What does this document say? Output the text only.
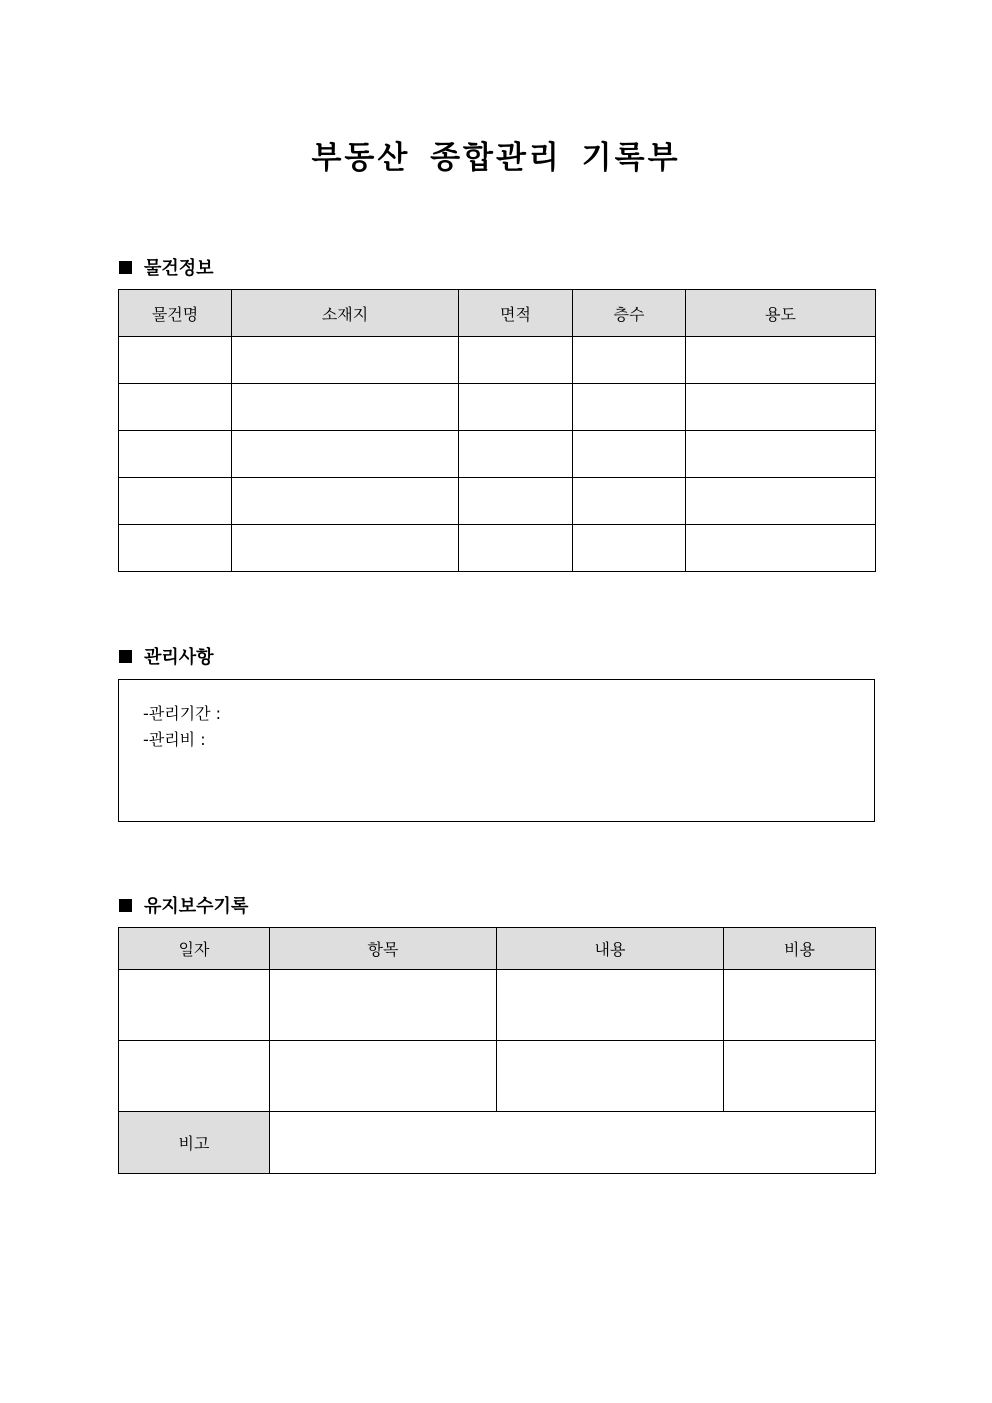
부동산 종합관리 기록부
물건정보
물건명	소재지	면적	층수	용도

관리사항
-관리기간 :
-관리비 :
유지보수기록
일자	항목	내용	비용

비고			
